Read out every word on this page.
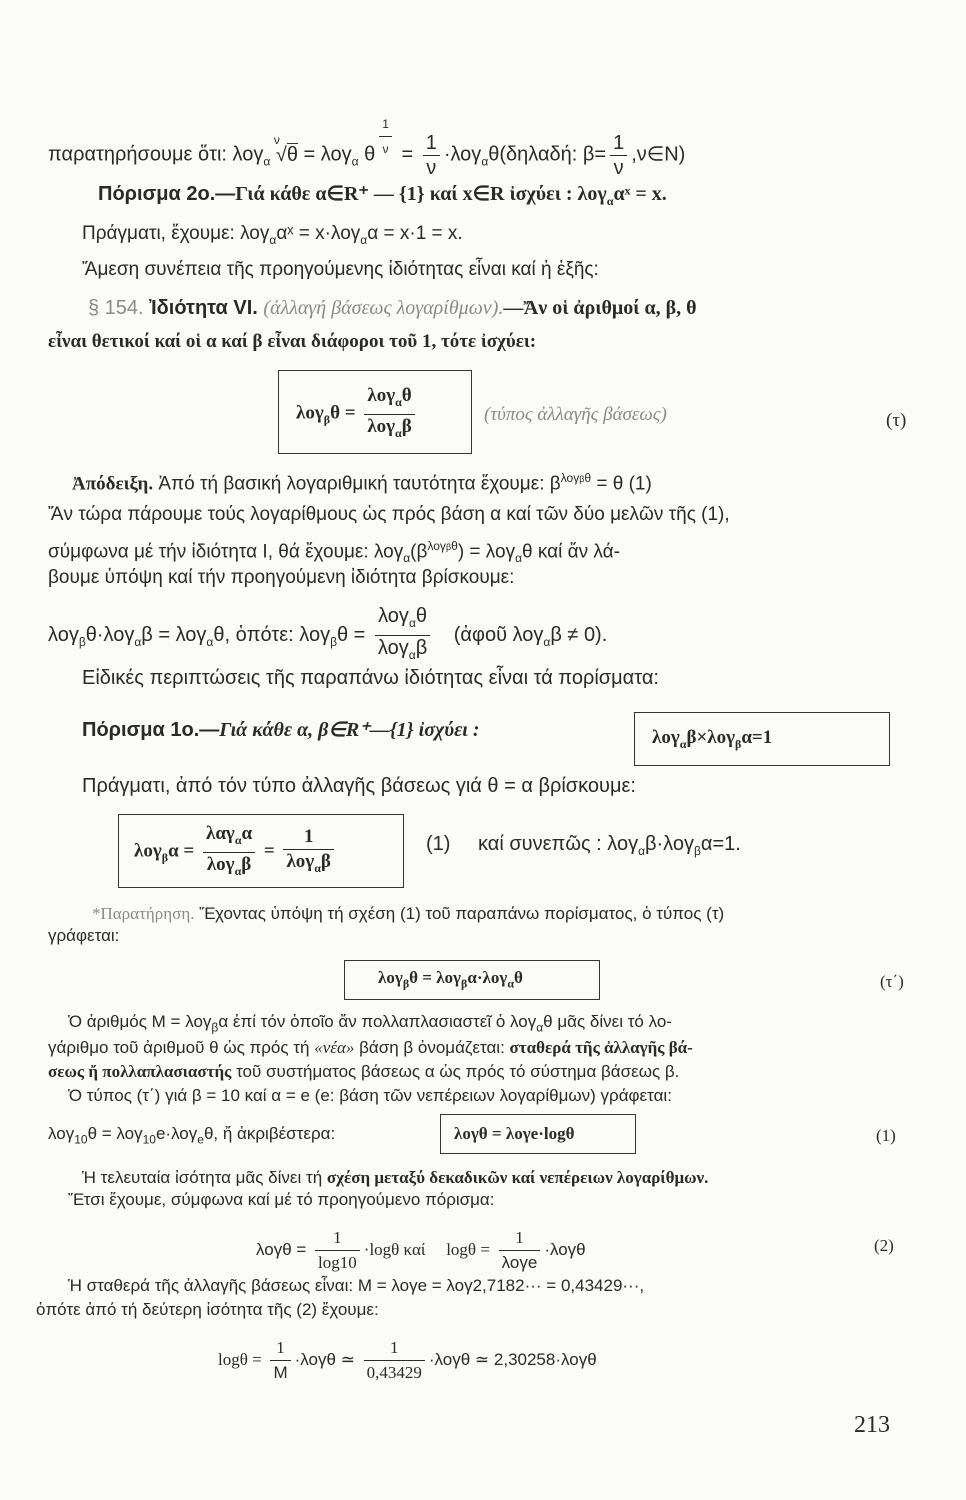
παρατηρήσουμε ὅτι: λογ$_\alpha$
ν
√θ = λογ$_\alpha$ θ $\frac{1}{\nu} = \frac{1}{\nu} \cdot\lambda o\gamma_\alpha\theta(\delta\eta\lambda\alpha\delta ή$: $\beta= \frac{1}{\nu}$ ,ν∈N)
Πόρισμα 2ο.—Γιά κάθε α∈R⁺ — {1} καί x∈R ἰσχύει : λογ$_\alpha$αˣ = x.
Πράγματι, ἔχουμε: λογ$_\alpha$αˣ = x·λογ$_\alpha$α = x·1 = x.
Ἄμεση συνέπεια τῆς προηγούμενης ἰδιότητας εἶναι καί ἡ ἑξῆς:
§ 154. Ἰδιότητα VI. (ἀλλαγή βάσεως λογαρίθμων).—Ἄν οἱ ἀριθμοί α, β, θ
εἶναι θετικοί καί οἱ α καί β εἶναι διάφοροι τοῦ 1, τότε ἰσχύει:
$\lambda o\gamma_\beta\theta = \frac{\lambda o\gamma_\alpha\theta}{\lambda o\gamma_\alpha\beta}$	(τύπος ἀλλαγῆς βάσεως)	(τ)
Ἀπόδειξη. Ἀπό τή βασική λογαριθμική ταυτότητα ἔχουμε: $\beta^{\lambda o\gamma\beta\theta} = \theta$ (1)
Ἄν τώρα πάρουμε τούς λογαρίθμους ὡς πρός βάση α καί τῶν δύο μελῶν τῆς (1),
σύμφωνα μέ τήν ἰδιότητα I, θά ἔχουμε: $\lambda o\gamma_\alpha(\beta^{\lambda o\gamma\beta\theta}) = \lambda o\gamma_\alpha\theta$ καί ἄν λά-
βουμε ὑπόψη καί τήν προηγούμενη ἰδιότητα βρίσκουμε:
λογ$_\beta$θ·λογ$_\alpha$β = λογ$_\alpha$θ, ὁπότε: $\lambda o\gamma_\beta\theta = \frac{\lambda o\gamma_\alpha\theta}{\lambda o\gamma_\alpha\beta}$ (ἀφοῦ λογ$_\alpha$β ≠ 0).
Εἰδικές περιπτώσεις τῆς παραπάνω ἰδιότητας εἶναι τά πορίσματα:
Πόρισμα 1ο.—Γιά κάθε α, β∈R⁺—{1} ἰσχύει :	λογ$_\alpha$β×λογ$_\beta$α=1
Πράγματι, ἀπό τόν τύπο ἀλλαγῆς βάσεως γιά θ = α βρίσκουμε:
$\lambda o\gamma_\beta\alpha = \frac{\lambda\alpha\gamma_\alpha\alpha}{\lambda o\gamma_\alpha\beta} = \frac{1}{\lambda o\gamma_\alpha\beta}$	(1) καί συνεπῶς : λογ$_\alpha$β·λογ$_\beta$α=1.
*Παρατήρηση. Ἔχοντας ὑπόψη τή σχέση (1) τοῦ παραπάνω πορίσματος, ὁ τύπος (τ)
γράφεται:
λογ$_\beta$θ = λογ$_\beta$α·λογ$_\alpha$θ	(τ΄)
Ὁ ἀριθμός M = λογ$_\beta$α ἐπί τόν ὁποῖο ἄν πολλαπλασιαστεῖ ὁ λογ$_\alpha$θ μᾶς δίνει τό λο-
γάριθμο τοῦ ἀριθμοῦ θ ὡς πρός τή «νέα» βάση β ὀνομάζεται: σταθερά τῆς ἀλλαγῆς βά-
σεως ἤ πολλαπλασιαστής τοῦ συστήματος βάσεως α ὡς πρός τό σύστημα βάσεως β.
Ὁ τύπος (τ΄) γιά β = 10 καί α = e (e: βάση τῶν νεπέρειων λογαρίθμων) γράφεται:
λογ$_{10}$θ = λογ$_{10}$e·λογ$_e$θ, ἤ ἀκριβέστερα:	λογθ = λογe·logθ	(1)
Ἡ τελευταία ἰσότητα μᾶς δίνει τή σχέση μεταξύ δεκαδικῶν καί νεπέρειων λογαρίθμων.
Ἔτσι ἔχουμε, σύμφωνα καί μέ τό προηγούμενο πόρισμα:
$\lambda o\gamma\theta = \frac{1}{\log 10} \cdot\log\theta$ καί $\log\theta = \frac{1}{\text{λογe}} \cdot\lambda o\gamma\theta$	(2)
Ἡ σταθερά τῆς ἀλλαγῆς βάσεως εἶναι: M = λογe = λογ2,7182··· = 0,43429···,
ὁπότε ἀπό τή δεύτερη ἰσότητα τῆς (2) ἔχουμε:
$\log\theta = \frac{1}{M} \cdot\lambda o\gamma\theta$ ≃ $\frac{1}{0,43429} \cdot\lambda o\gamma\theta$ ≃ 2,30258·λογθ
213
